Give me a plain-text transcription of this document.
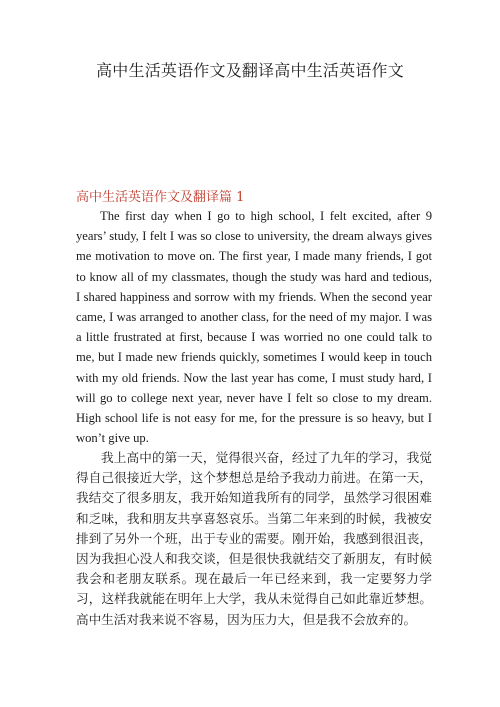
高中生活英语作文及翻译高中生活英语作文
高中生活英语作文及翻译篇 1

The first day when I go to high school, I felt excited, after 9 years’ study, I felt I was so close to university, the dream always gives me motivation to move on. The first year, I made many friends, I got to know all of my classmates, though the study was hard and tedious, I shared happiness and sorrow with my friends. When the second year came, I was arranged to another class, for the need of my major. I was a little frustrated at first, because I was worried no one could talk to me, but I made new friends quickly, sometimes I would keep in touch with my old friends. Now the last year has come, I must study hard, I will go to college next year, never have I felt so close to my dream. High school life is not easy for me, for the pressure is so heavy, but I won’t give up.

我上高中的第一天，觉得很兴奋，经过了九年的学习，我觉得自己很接近大学，这个梦想总是给予我动力前进。在第一天，我结交了很多朋友，我开始知道我所有的同学，虽然学习很困难和乏味，我和朋友共享喜怒哀乐。当第二年来到的时候，我被安排到了另外一个班，出于专业的需要。刚开始，我感到很沮丧，因为我担心没人和我交谈，但是很快我就结交了新朋友，有时候我会和老朋友联系。现在最后一年已经来到，我一定要努力学习，这样我就能在明年上大学，我从未觉得自己如此靠近梦想。高中生活对我来说不容易，因为压力大，但是我不会放弃的。
